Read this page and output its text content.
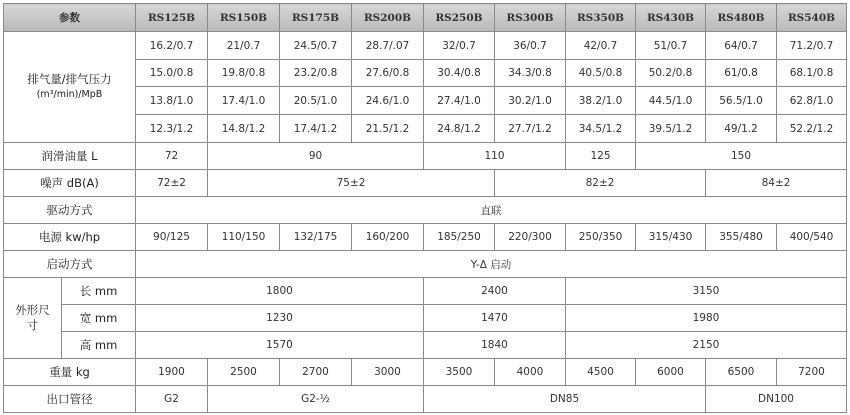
参数		RS125B	RS150B	RS175B	RS200B	RS250B	RS300B	RS350B	RS430B	RS480B	RS540B	

排气量/排气压力
(m³/min)/MpB		16.2/0.7	21/0.7	24.5/0.7	28.7/.07	32/0.7	36/0.7	42/0.7	51/0.7	64/0.7	71.2/0.7	
		15.0/0.8	19.8/0.8	23.2/0.8	27.6/0.8	30.4/0.8	34.3/0.8	40.5/0.8	50.2/0.8	61/0.8	68.1/0.8	
		13.8/1.0	17.4/1.0	20.5/1.0	24.6/1.0	27.4/1.0	30.2/1.0	38.2/1.0	44.5/1.0	56.5/1.0	62.8/1.0	
		12.3/1.2	14.8/1.2	17.4/1.2	21.5/1.2	24.8/1.2	27.7/1.2	34.5/1.2	39.5/1.2	49/1.2	52.2/1.2	
润滑油量 L		72	90			110		125	150	
噪声 dB(A)		72±2	75±2				82±2			84±2		
驱动方式		直联										
电源 kw/hp		90/125	110/150	132/175	160/200	185/250	220/300	250/350	315/430	355/480	400/540	
启动方式		Y-Δ 启动										
外形尺寸	长 mm	1800				2400		3150				
	宽 mm	1230				1470		1980				
	高 mm	1570				1840		2150				
重量 kg		1900	2500	2700	3000	3500	4000	4500	6000	6500	7200	
出口管径		G2	G2-½			DN85				DN100		
